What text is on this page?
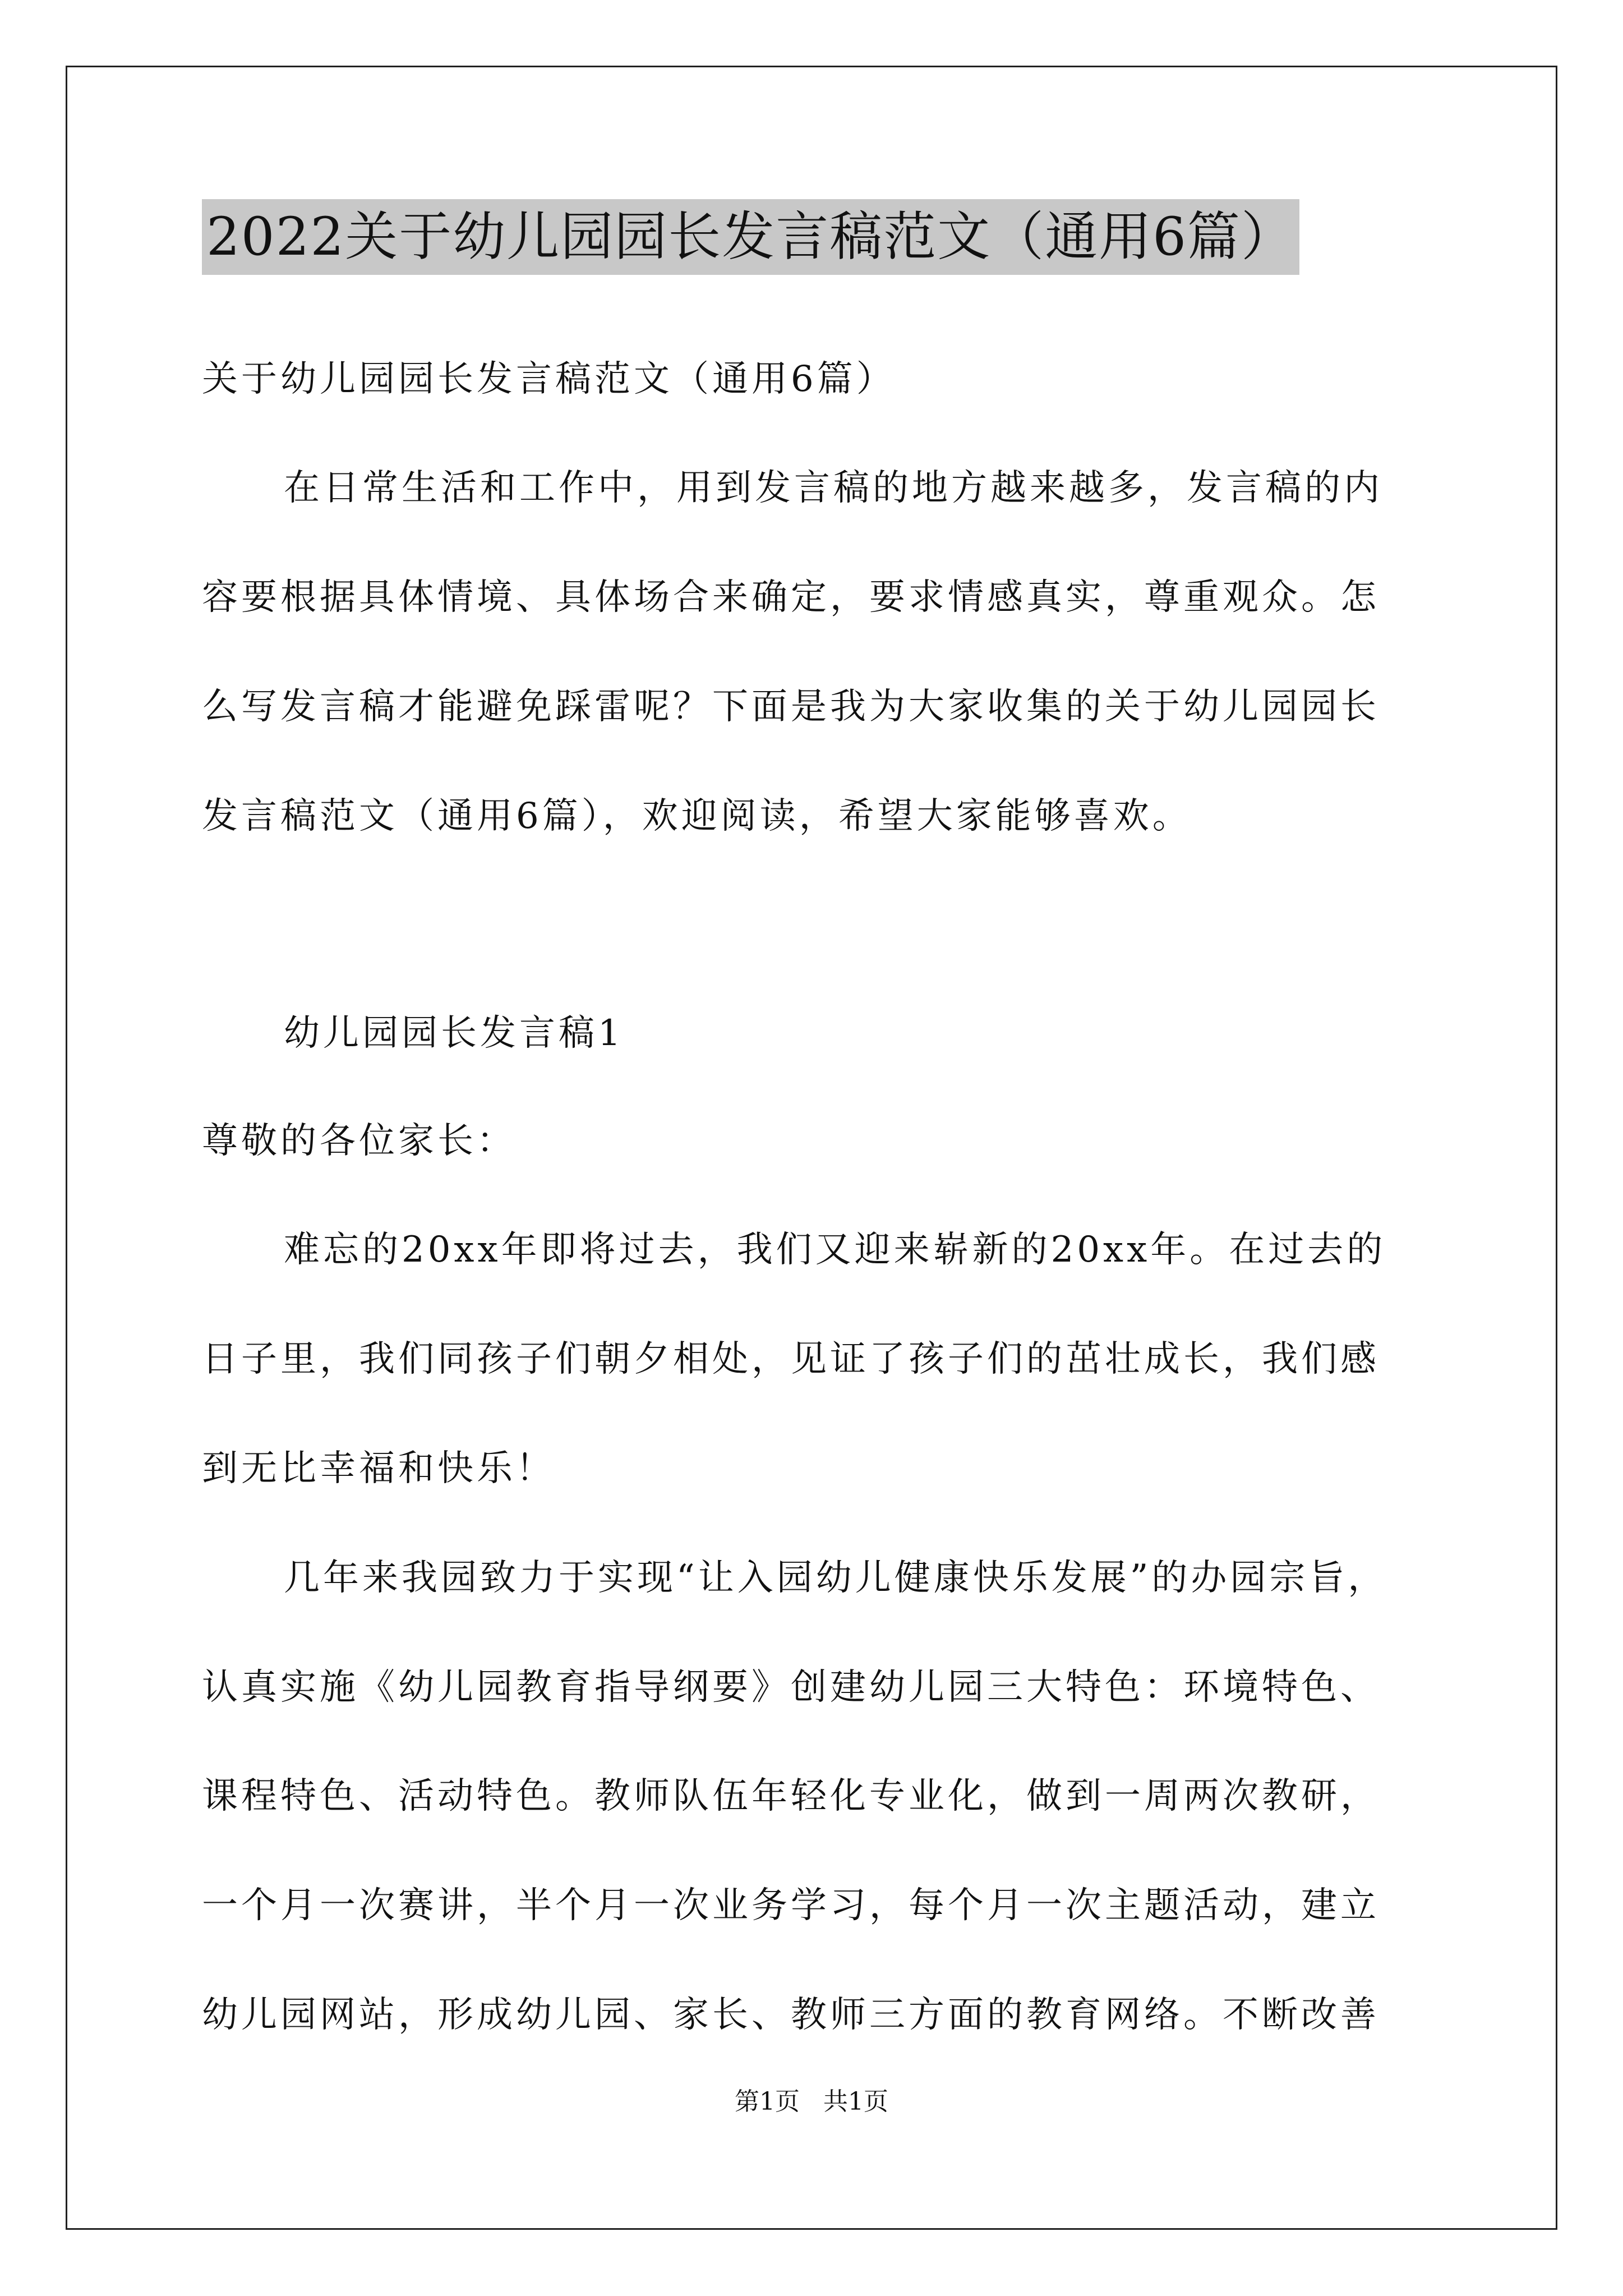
2022关于幼儿园园长发言稿范文（通用6篇）
关于幼儿园园长发言稿范文（通用6篇）
在日常生活和工作中，用到发言稿的地方越来越多，发言稿的内
容要根据具体情境、具体场合来确定，要求情感真实，尊重观众。怎
么写发言稿才能避免踩雷呢？下面是我为大家收集的关于幼儿园园长
发言稿范文（通用6篇），欢迎阅读，希望大家能够喜欢。
幼儿园园长发言稿1
尊敬的各位家长：
难忘的20xx年即将过去，我们又迎来崭新的20xx年。在过去的
日子里，我们同孩子们朝夕相处，见证了孩子们的茁壮成长，我们感
到无比幸福和快乐！
几年来我园致力于实现“让入园幼儿健康快乐发展”的办园宗旨，
认真实施《幼儿园教育指导纲要》创建幼儿园三大特色：环境特色、
课程特色、活动特色。教师队伍年轻化专业化，做到一周两次教研，
一个月一次赛讲，半个月一次业务学习，每个月一次主题活动，建立
幼儿园网站，形成幼儿园、家长、教师三方面的教育网络。不断改善
第1页   共1页
